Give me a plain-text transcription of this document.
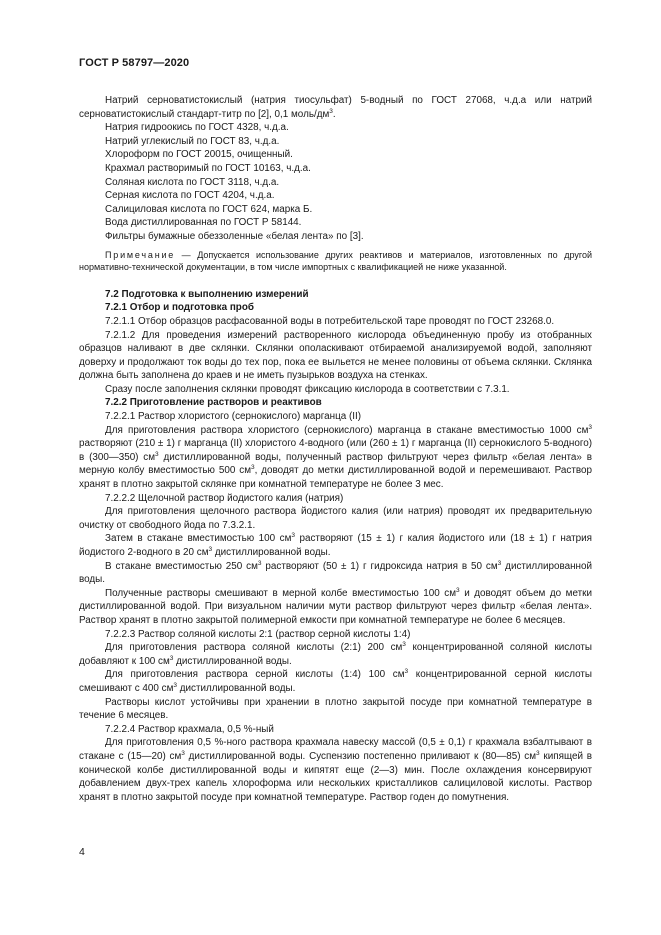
ГОСТ Р 58797—2020

Натрий серноватистокислый (натрия тиосульфат) 5-водный по ГОСТ 27068, ч.д.а или натрий серноватистокислый стандарт-титр по [2], 0,1 моль/$дм^3$.

Натрия гидроокись по ГОСТ 4328, ч.д.а.

Натрий углекислый по ГОСТ 83, ч.д.а.

Хлороформ по ГОСТ 20015, очищенный.

Крахмал растворимый по ГОСТ 10163, ч.д.а.

Соляная кислота по ГОСТ 3118, ч.д.а.

Серная кислота по ГОСТ 4204, ч.д.а.

Салициловая кислота по ГОСТ 624, марка Б.

Вода дистиллированная по ГОСТ Р 58144.

Фильтры бумажные обеззоленные «белая лента» по [3].

Примечание — Допускается использование других реактивов и материалов, изготовленных по другой нормативно-технической документации, в том числе импортных с квалификацией не ниже указанной.

7.2 Подготовка к выполнению измерений

7.2.1 Отбор и подготовка проб

7.2.1.1 Отбор образцов расфасованной воды в потребительской таре проводят по ГОСТ 23268.0.

7.2.1.2 Для проведения измерений растворенного кислорода объединенную пробу из отобранных образцов наливают в две склянки. Склянки ополаскивают отбираемой анализируемой водой, заполняют доверху и продолжают ток воды до тех пор, пока ее выльется не менее половины от объема склянки. Склянка должна быть заполнена до краев и не иметь пузырьков воздуха на стенках.

Сразу после заполнения склянки проводят фиксацию кислорода в соответствии с 7.3.1.

7.2.2 Приготовление растворов и реактивов

7.2.2.1 Раствор хлористого (сернокислого) марганца (II)

Для приготовления раствора хлористого (сернокислого) марганца в стакане вместимостью 1000 $см^3$ растворяют (210 ± 1) г марганца (II) хлористого 4-водного (или (260 ± 1) г марганца (II) сернокислого 5-водного) в (300—350) $см^3$ дистиллированной воды, полученный раствор фильтруют через фильтр «белая лента» в мерную колбу вместимостью 500 $см^3$, доводят до метки дистиллированной водой и перемешивают. Раствор хранят в плотно закрытой склянке при комнатной температуре не более 3 мес.

7.2.2.2 Щелочной раствор йодистого калия (натрия)

Для приготовления щелочного раствора йодистого калия (или натрия) проводят их предварительную очистку от свободного йода по 7.3.2.1.

Затем в стакане вместимостью 100 $см^3$ растворяют (15 ± 1) г калия йодистого или (18 ± 1) г натрия йодистого 2-водного в 20 $см^3$ дистиллированной воды.

В стакане вместимостью 250 $см^3$ растворяют (50 ± 1) г гидроксида натрия в 50 $см^3$ дистиллированной воды.

Полученные растворы смешивают в мерной колбе вместимостью 100 $см^3$ и доводят объем до метки дистиллированной водой. При визуальном наличии мути раствор фильтруют через фильтр «белая лента». Раствор хранят в плотно закрытой полимерной емкости при комнатной температуре не более 6 месяцев.

7.2.2.3 Раствор соляной кислоты 2:1 (раствор серной кислоты 1:4)

Для приготовления раствора соляной кислоты (2:1) 200 $см^3$ концентрированной соляной кислоты добавляют к 100 $см^3$ дистиллированной воды.

Для приготовления раствора серной кислоты (1:4) 100 $см^3$ концентрированной серной кислоты смешивают с 400 $см^3$ дистиллированной воды.

Растворы кислот устойчивы при хранении в плотно закрытой посуде при комнатной температуре в течение 6 месяцев.

7.2.2.4 Раствор крахмала, 0,5 %-ный

Для приготовления 0,5 %-ного раствора крахмала навеску массой (0,5 ± 0,1) г крахмала взбалтывают в стакане с (15—20) $см^3$ дистиллированной воды. Суспензию постепенно приливают к (80—85) $см^3$ кипящей в конической колбе дистиллированной воды и кипятят еще (2—3) мин. После охлаждения консервируют добавлением двух-трех капель хлороформа или нескольких кристалликов салициловой кислоты. Раствор хранят в плотно закрытой посуде при комнатной температуре. Раствор годен до помутнения.

4
